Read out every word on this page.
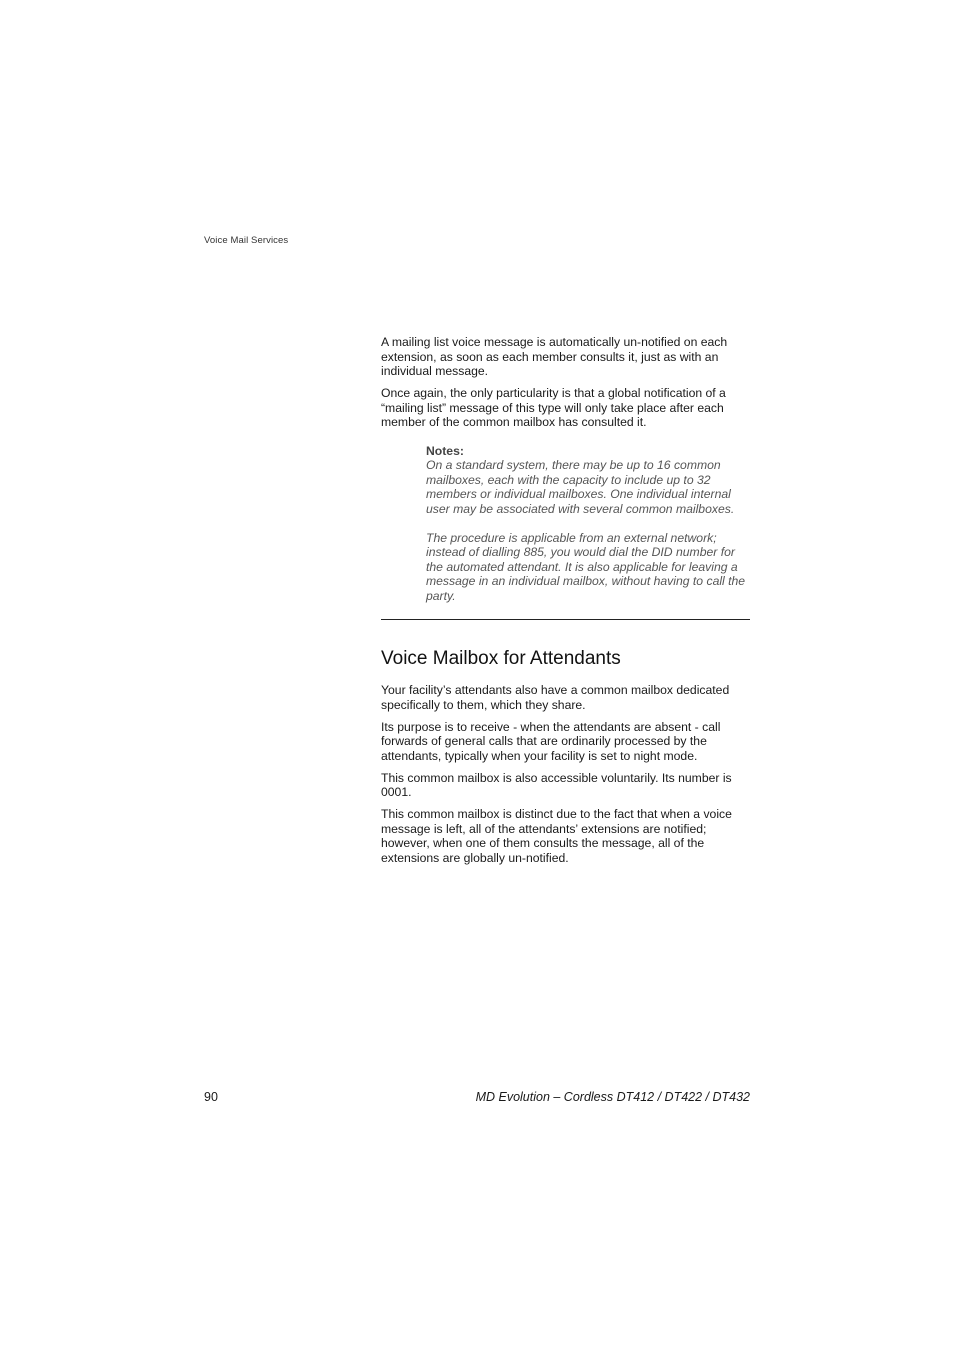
Voice Mail Services

A mailing list voice message is automatically un-notified on each extension, as soon as each member consults it, just as with an individual message.

Once again, the only particularity is that a global notification of a “mailing list” message of this type will only take place after each member of the common mailbox has consulted it.

Notes:

On a standard system, there may be up to 16 common mailboxes, each with the capacity to include up to 32 members or individual mailboxes. One individual internal user may be associated with several common mailboxes.

The procedure is applicable from an external network; instead of dialling 885, you would dial the DID number for the automated attendant. It is also applicable for leaving a message in an individual mailbox, without having to call the party.

Voice Mailbox for Attendants

Your facility’s attendants also have a common mailbox dedicated specifically to them, which they share.

Its purpose is to receive - when the attendants are absent - call forwards of general calls that are ordinarily processed by the attendants, typically when your facility is set to night mode.

This common mailbox is also accessible voluntarily. Its number is 0001.

This common mailbox is distinct due to the fact that when a voice message is left, all of the attendants’ extensions are notified; however, when one of them consults the message, all of the extensions are globally un-notified.

90	MD Evolution – Cordless DT412 / DT422 / DT432
